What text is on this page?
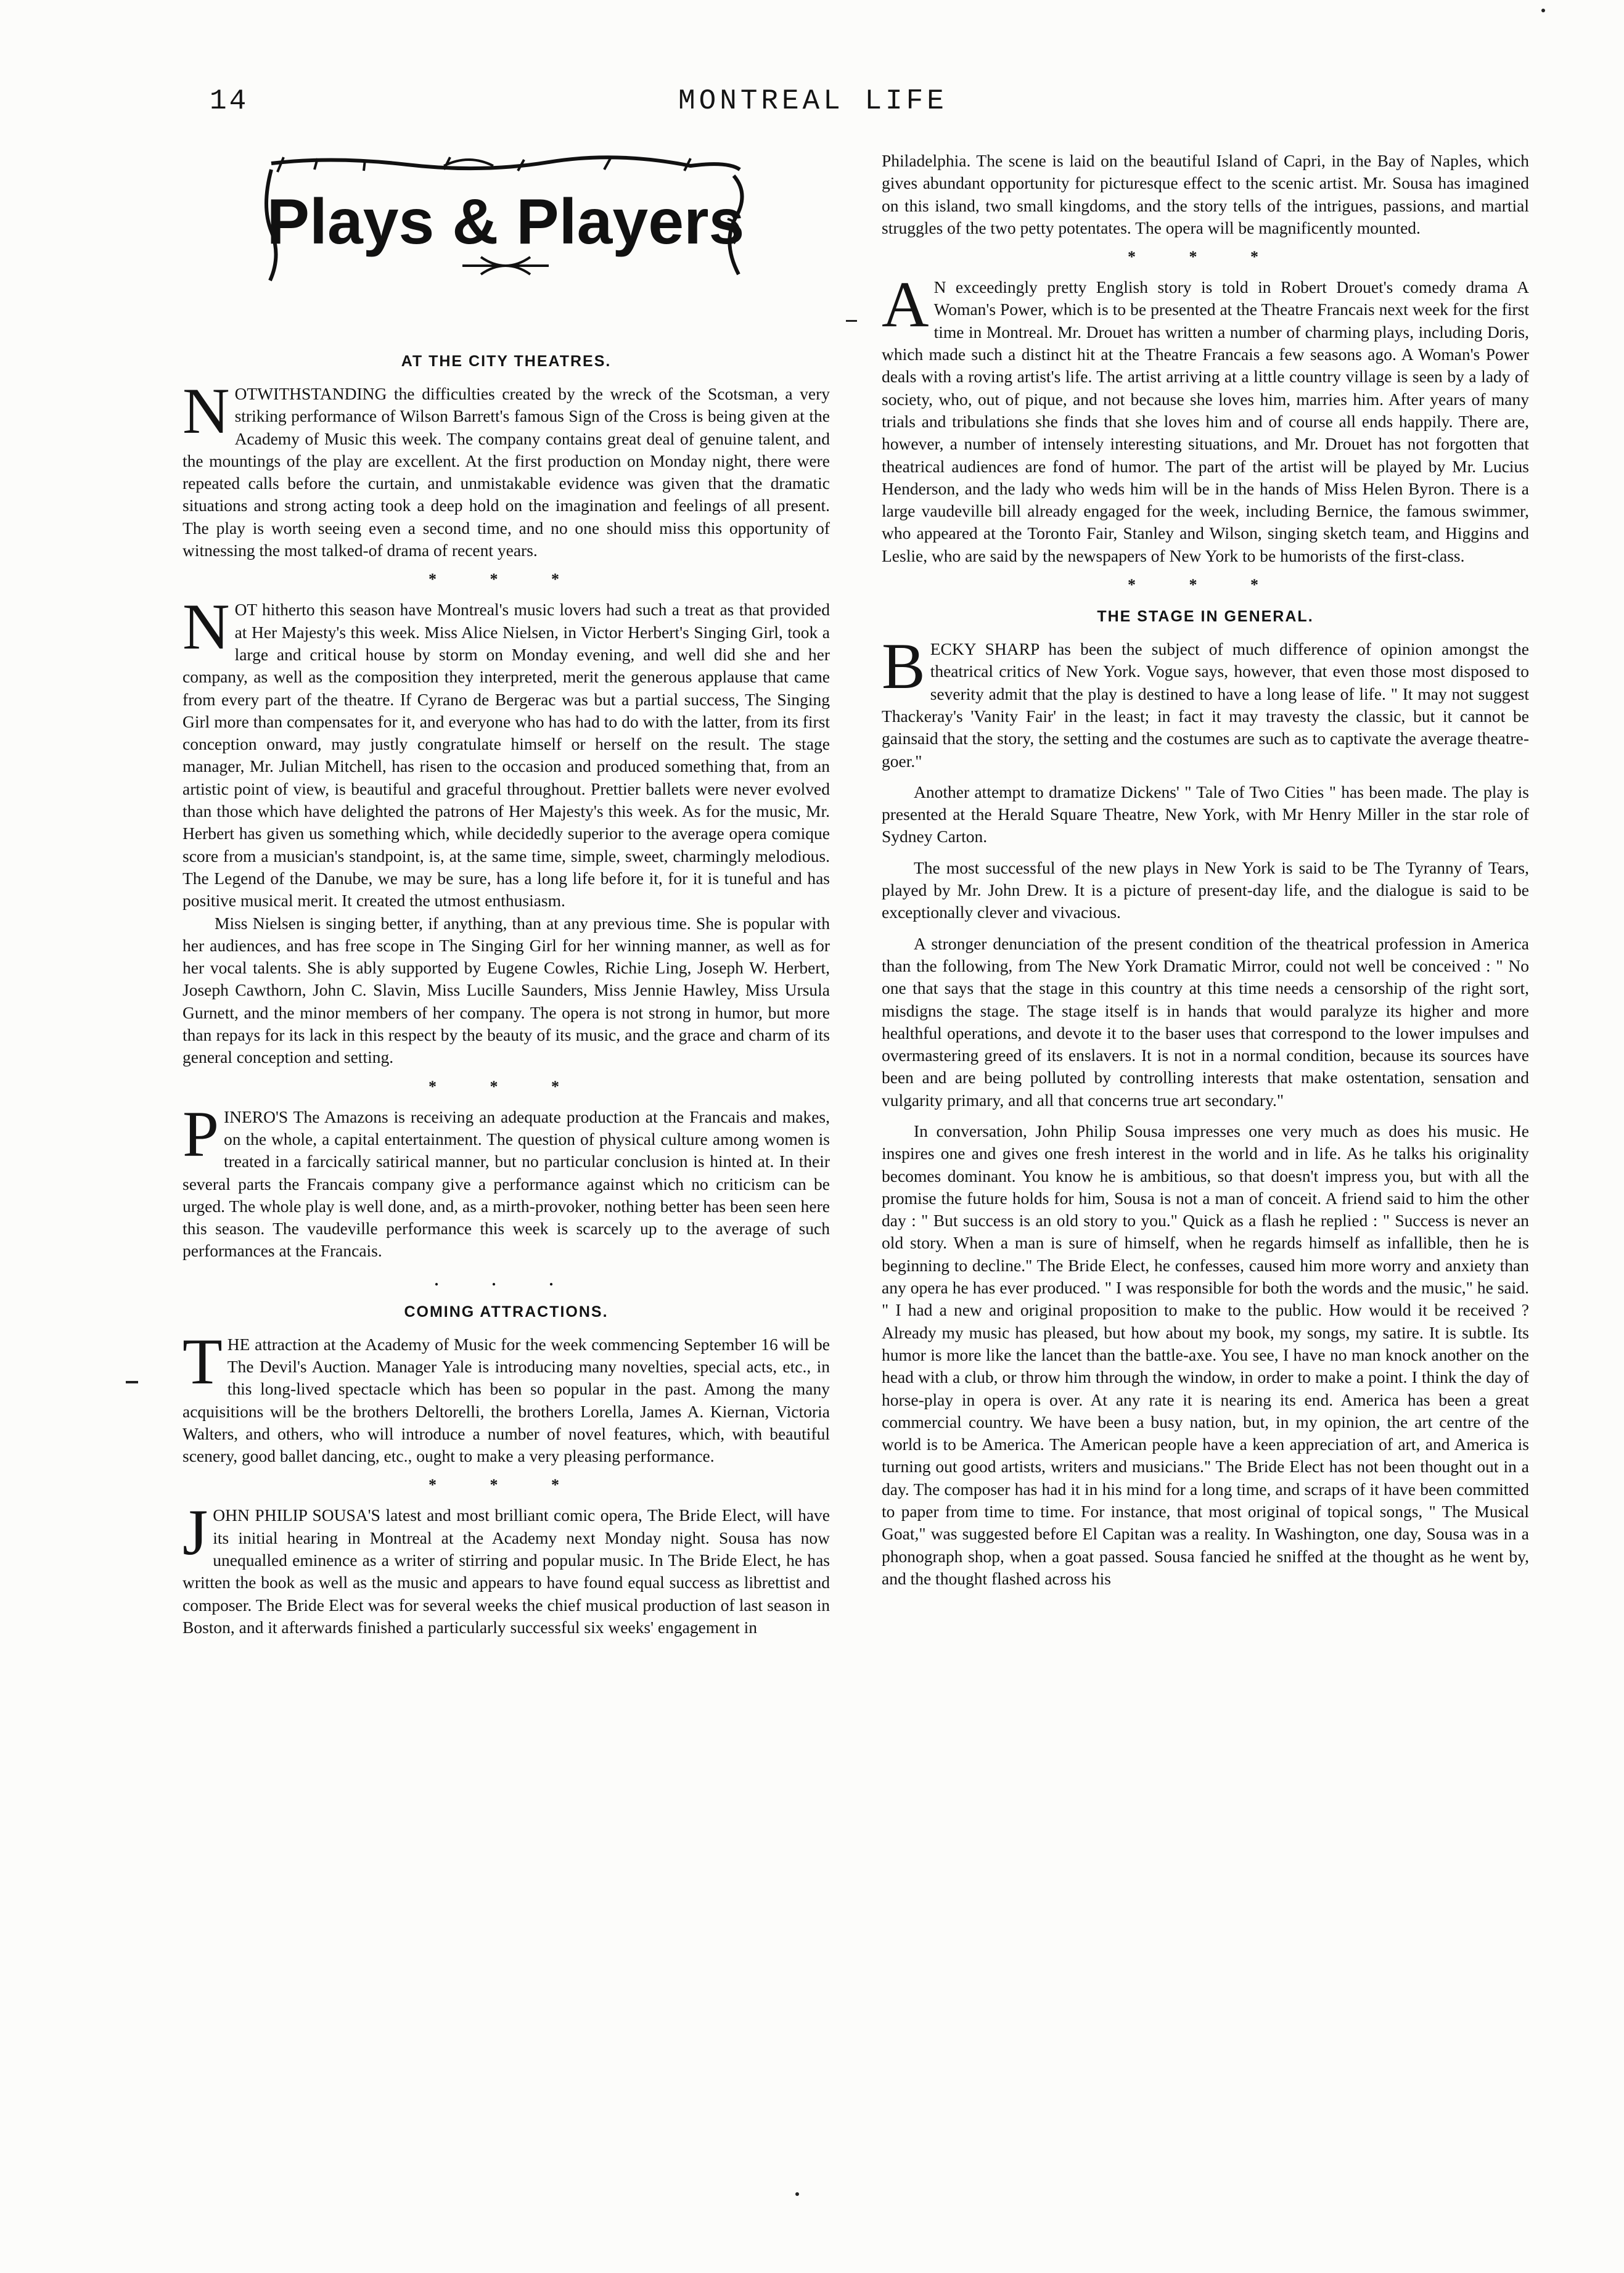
14	MONTREAL LIFE
Plays & Players
AT THE CITY THEATRES.

NOTWITHSTANDING the difficulties created by the wreck of the Scotsman, a very striking performance of Wilson Barrett's famous Sign of the Cross is being given at the Academy of Music this week. The company contains great deal of genuine talent, and the mountings of the play are excellent. At the first production on Monday night, there were repeated calls before the curtain, and unmistakable evidence was given that the dramatic situations and strong acting took a deep hold on the imagination and feelings of all present. The play is worth seeing even a second time, and no one should miss this opportunity of witnessing the most talked-of drama of recent years.

* * *

NOT hitherto this season have Montreal's music lovers had such a treat as that provided at Her Majesty's this week. Miss Alice Nielsen, in Victor Herbert's Singing Girl, took a large and critical house by storm on Monday evening, and well did she and her company, as well as the composition they interpreted, merit the generous applause that came from every part of the theatre. If Cyrano de Bergerac was but a partial success, The Singing Girl more than compensates for it, and everyone who has had to do with the latter, from its first conception onward, may justly congratulate himself or herself on the result. The stage manager, Mr. Julian Mitchell, has risen to the occasion and produced something that, from an artistic point of view, is beautiful and graceful throughout. Prettier ballets were never evolved than those which have delighted the patrons of Her Majesty's this week. As for the music, Mr. Herbert has given us something which, while decidedly superior to the average opera comique score from a musician's standpoint, is, at the same time, simple, sweet, charmingly melodious. The Legend of the Danube, we may be sure, has a long life before it, for it is tuneful and has positive musical merit. It created the utmost enthusiasm.

Miss Nielsen is singing better, if anything, than at any previous time. She is popular with her audiences, and has free scope in The Singing Girl for her winning manner, as well as for her vocal talents. She is ably supported by Eugene Cowles, Richie Ling, Joseph W. Herbert, Joseph Cawthorn, John C. Slavin, Miss Lucille Saunders, Miss Jennie Hawley, Miss Ursula Gurnett, and the minor members of her company. The opera is not strong in humor, but more than repays for its lack in this respect by the beauty of its music, and the grace and charm of its general conception and setting.

* * *

PINERO'S The Amazons is receiving an adequate production at the Francais and makes, on the whole, a capital entertainment. The question of physical culture among women is treated in a farcically satirical manner, but no particular conclusion is hinted at. In their several parts the Francais company give a performance against which no criticism can be urged. The whole play is well done, and, as a mirth-provoker, nothing better has been seen here this season. The vaudeville performance this week is scarcely up to the average of such performances at the Francais.

. . .
COMING ATTRACTIONS.

THE attraction at the Academy of Music for the week commencing September 16 will be The Devil's Auction. Manager Yale is introducing many novelties, special acts, etc., in this long-lived spectacle which has been so popular in the past. Among the many acquisitions will be the brothers Deltorelli, the brothers Lorella, James A. Kiernan, Victoria Walters, and others, who will introduce a number of novel features, which, with beautiful scenery, good ballet dancing, etc., ought to make a very pleasing performance.

* * *

JOHN PHILIP SOUSA'S latest and most brilliant comic opera, The Bride Elect, will have its initial hearing in Montreal at the Academy next Monday night. Sousa has now unequalled eminence as a writer of stirring and popular music. In The Bride Elect, he has written the book as well as the music and appears to have found equal success as librettist and composer. The Bride Elect was for several weeks the chief musical production of last season in Boston, and it afterwards finished a particularly successful six weeks' engagement in

Philadelphia. The scene is laid on the beautiful Island of Capri, in the Bay of Naples, which gives abundant opportunity for picturesque effect to the scenic artist. Mr. Sousa has imagined on this island, two small kingdoms, and the story tells of the intrigues, passions, and martial struggles of the two petty potentates. The opera will be magnificently mounted.

* * *

AN exceedingly pretty English story is told in Robert Drouet's comedy drama A Woman's Power, which is to be presented at the Theatre Francais next week for the first time in Montreal. Mr. Drouet has written a number of charming plays, including Doris, which made such a distinct hit at the Theatre Francais a few seasons ago. A Woman's Power deals with a roving artist's life. The artist arriving at a little country village is seen by a lady of society, who, out of pique, and not because she loves him, marries him. After years of many trials and tribulations she finds that she loves him and of course all ends happily. There are, however, a number of intensely interesting situations, and Mr. Drouet has not forgotten that theatrical audiences are fond of humor. The part of the artist will be played by Mr. Lucius Henderson, and the lady who weds him will be in the hands of Miss Helen Byron. There is a large vaudeville bill already engaged for the week, including Bernice, the famous swimmer, who appeared at the Toronto Fair, Stanley and Wilson, singing sketch team, and Higgins and Leslie, who are said by the newspapers of New York to be humorists of the first-class.

* * *
THE STAGE IN GENERAL.

BECKY SHARP has been the subject of much difference of opinion amongst the theatrical critics of New York. Vogue says, however, that even those most disposed to severity admit that the play is destined to have a long lease of life. " It may not suggest Thackeray's 'Vanity Fair' in the least; in fact it may travesty the classic, but it cannot be gainsaid that the story, the setting and the costumes are such as to captivate the average theatre-goer."

Another attempt to dramatize Dickens' " Tale of Two Cities " has been made. The play is presented at the Herald Square Theatre, New York, with Mr Henry Miller in the star role of Sydney Carton.

The most successful of the new plays in New York is said to be The Tyranny of Tears, played by Mr. John Drew. It is a picture of present-day life, and the dialogue is said to be exceptionally clever and vivacious.

A stronger denunciation of the present condition of the theatrical profession in America than the following, from The New York Dramatic Mirror, could not well be conceived : " No one that says that the stage in this country at this time needs a censorship of the right sort, misdigns the stage. The stage itself is in hands that would paralyze its higher and more healthful operations, and devote it to the baser uses that correspond to the lower impulses and overmastering greed of its enslavers. It is not in a normal condition, because its sources have been and are being polluted by controlling interests that make ostentation, sensation and vulgarity primary, and all that concerns true art secondary."

In conversation, John Philip Sousa impresses one very much as does his music. He inspires one and gives one fresh interest in the world and in life. As he talks his originality becomes dominant. You know he is ambitious, so that doesn't impress you, but with all the promise the future holds for him, Sousa is not a man of conceit. A friend said to him the other day : " But success is an old story to you." Quick as a flash he replied : " Success is never an old story. When a man is sure of himself, when he regards himself as infallible, then he is beginning to decline." The Bride Elect, he confesses, caused him more worry and anxiety than any opera he has ever produced. " I was responsible for both the words and the music," he said. " I had a new and original proposition to make to the public. How would it be received ? Already my music has pleased, but how about my book, my songs, my satire. It is subtle. Its humor is more like the lancet than the battle-axe. You see, I have no man knock another on the head with a club, or throw him through the window, in order to make a point. I think the day of horse-play in opera is over. At any rate it is nearing its end. America has been a great commercial country. We have been a busy nation, but, in my opinion, the art centre of the world is to be America. The American people have a keen appreciation of art, and America is turning out good artists, writers and musicians." The Bride Elect has not been thought out in a day. The composer has had it in his mind for a long time, and scraps of it have been committed to paper from time to time. For instance, that most original of topical songs, " The Musical Goat," was suggested before El Capitan was a reality. In Washington, one day, Sousa was in a phonograph shop, when a goat passed. Sousa fancied he sniffed at the thought as he went by, and the thought flashed across his
